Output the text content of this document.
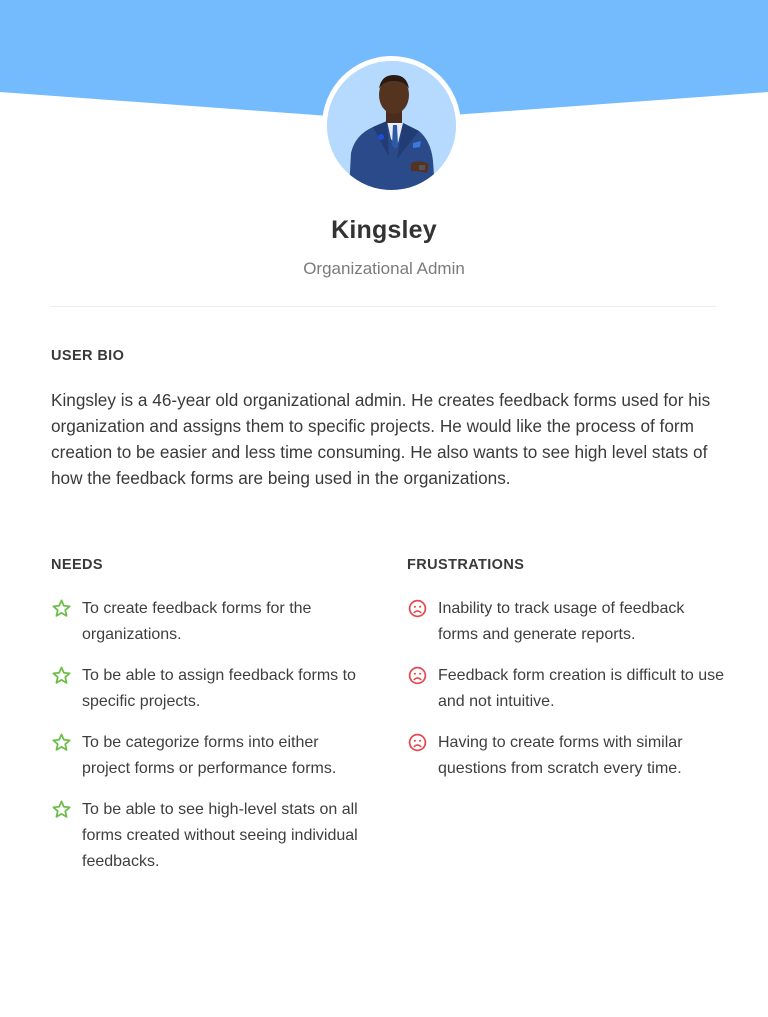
Kingsley
Organizational Admin
USER BIO

Kingsley is a 46-year old organizational admin. He creates feedback forms used for his organization and assigns them to specific projects. He would like the process of form creation to be easier and less time consuming. He also wants to see high level stats of how the feedback forms are being used in the organizations.

NEEDS
To create feedback forms for the organizations.
To be able to assign feedback forms to specific projects.
To be categorize forms into either project forms or performance forms.
To be able to see high-level stats on all forms created without seeing individual feedbacks.
FRUSTRATIONS
Inability to track usage of feedback forms and generate reports.
Feedback form creation is difficult to use and not intuitive.
Having to create forms with similar questions from scratch every time.
